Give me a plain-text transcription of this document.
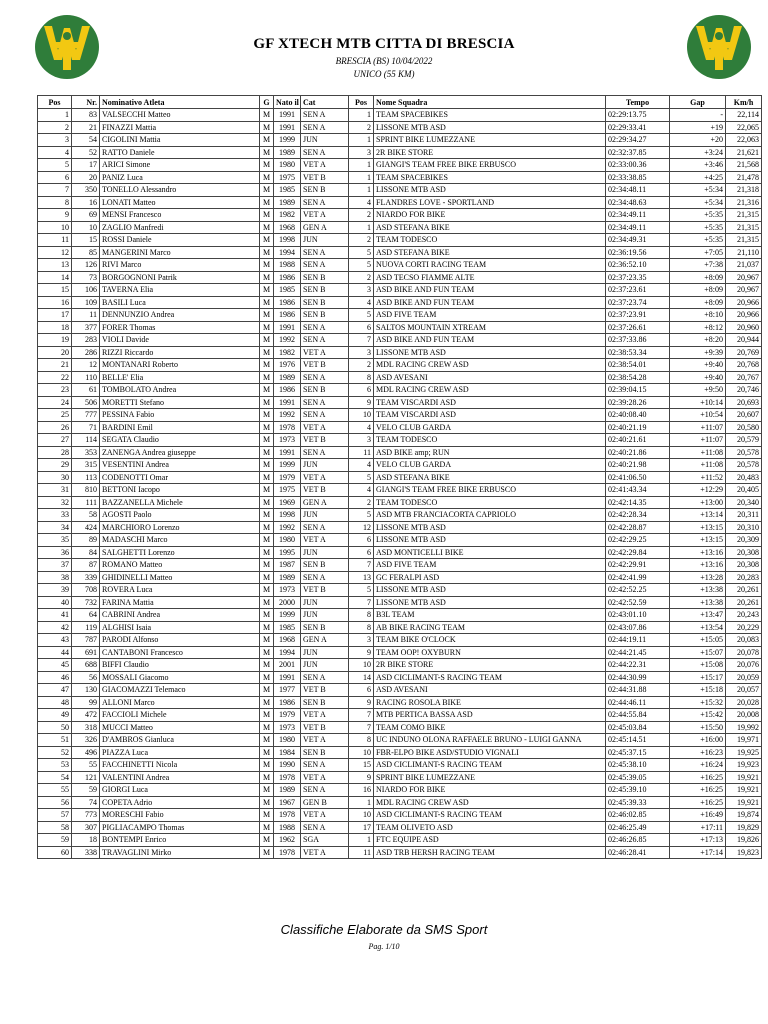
GF XTECH MTB CITTA DI BRESCIA
BRESCIA (BS) 10/04/2022
UNICO (55 KM)
Pos	Nr.	Nominativo Atleta	G	Nato il	Cat	Pos	Nome Squadra	Tempo	Gap	Km/h
1	83	VALSECCHI Matteo	M	1991	SEN A	1	TEAM SPACEBIKES	02:29:13.75	-	22,114
2	21	FINAZZI Mattia	M	1991	SEN A	2	LISSONE MTB ASD	02:29:33.41	+19	22,065
3	54	CIGOLINI Mattia	M	1999	JUN	1	SPRINT BIKE LUMEZZANE	02:29:34.27	+20	22,063
4	52	RATTO Daniele	M	1989	SEN A	3	2R BIKE STORE	02:32:37.85	+3:24	21,621
5	17	ARICI Simone	M	1980	VET A	1	GIANGI'S TEAM FREE BIKE ERBUSCO	02:33:00.36	+3:46	21,568
6	20	PANIZ Luca	M	1975	VET B	1	TEAM SPACEBIKES	02:33:38.85	+4:25	21,478
7	350	TONELLO Alessandro	M	1985	SEN B	1	LISSONE MTB ASD	02:34:48.11	+5:34	21,318
8	16	LONATI Matteo	M	1989	SEN A	4	FLANDRES LOVE - SPORTLAND	02:34:48.63	+5:34	21,316
9	69	MENSI Francesco	M	1982	VET A	2	NIARDO FOR BIKE	02:34:49.11	+5:35	21,315
10	10	ZAGLIO Manfredi	M	1968	GEN A	1	ASD STEFANA BIKE	02:34:49.11	+5:35	21,315
11	15	ROSSI Daniele	M	1998	JUN	2	TEAM TODESCO	02:34:49.31	+5:35	21,315
12	85	MANGERINI Marco	M	1994	SEN A	5	ASD STEFANA BIKE	02:36:19.56	+7:05	21,110
13	126	RIVI Marco	M	1988	SEN A	5	NUOVA CORTI RACING TEAM	02:36:52.10	+7:38	21,037
14	73	BORGOGNONI Patrik	M	1986	SEN B	2	ASD TECSO FIAMME ALTE	02:37:23.35	+8:09	20,967
15	106	TAVERNA Elia	M	1985	SEN B	3	ASD BIKE AND FUN TEAM	02:37:23.61	+8:09	20,967
16	109	BASILI Luca	M	1986	SEN B	4	ASD BIKE AND FUN TEAM	02:37:23.74	+8:09	20,966
17	11	DENNUNZIO Andrea	M	1986	SEN B	5	ASD FIVE TEAM	02:37:23.91	+8:10	20,966
18	377	FORER Thomas	M	1991	SEN A	6	SALTOS MOUNTAIN XTREAM	02:37:26.61	+8:12	20,960
19	283	VIOLI Davide	M	1992	SEN A	7	ASD BIKE AND FUN TEAM	02:37:33.86	+8:20	20,944
20	286	RIZZI Riccardo	M	1982	VET A	3	LISSONE MTB ASD	02:38:53.34	+9:39	20,769
21	12	MONTANARI Roberto	M	1976	VET B	2	MDL RACING CREW ASD	02:38:54.01	+9:40	20,768
22	110	BELLE' Elia	M	1989	SEN A	8	ASD AVESANI	02:38:54.28	+9:40	20,767
23	61	TOMBOLATO Andrea	M	1986	SEN B	6	MDL RACING CREW ASD	02:39:04.15	+9:50	20,746
24	506	MORETTI Stefano	M	1991	SEN A	9	TEAM VISCARDI ASD	02:39:28.26	+10:14	20,693
25	777	PESSINA Fabio	M	1992	SEN A	10	TEAM VISCARDI ASD	02:40:08.40	+10:54	20,607
26	71	BARDINI Emil	M	1978	VET A	4	VELO CLUB GARDA	02:40:21.19	+11:07	20,580
27	114	SEGATA Claudio	M	1973	VET B	3	TEAM TODESCO	02:40:21.61	+11:07	20,579
28	353	ZANENGA Andrea giuseppe	M	1991	SEN A	11	ASD BIKE amp; RUN	02:40:21.86	+11:08	20,578
29	315	VESENTINI Andrea	M	1999	JUN	4	VELO CLUB GARDA	02:40:21.98	+11:08	20,578
30	113	CODENOTTI Omar	M	1979	VET A	5	ASD STEFANA BIKE	02:41:06.50	+11:52	20,483
31	810	BETTONI Iacopo	M	1975	VET B	4	GIANGI'S TEAM FREE BIKE ERBUSCO	02:41:43.34	+12:29	20,405
32	111	BAZZANELLA Michele	M	1969	GEN A	2	TEAM TODESCO	02:42:14.35	+13:00	20,340
33	58	AGOSTI Paolo	M	1998	JUN	5	ASD MTB FRANCIACORTA CAPRIOLO	02:42:28.34	+13:14	20,311
34	424	MARCHIORO Lorenzo	M	1992	SEN A	12	LISSONE MTB ASD	02:42:28.87	+13:15	20,310
35	89	MADASCHI Marco	M	1980	VET A	6	LISSONE MTB ASD	02:42:29.25	+13:15	20,309
36	84	SALGHETTI Lorenzo	M	1995	JUN	6	ASD MONTICELLI BIKE	02:42:29.84	+13:16	20,308
37	87	ROMANO Matteo	M	1987	SEN B	7	ASD FIVE TEAM	02:42:29.91	+13:16	20,308
38	339	GHIDINELLI Matteo	M	1989	SEN A	13	GC FERALPI ASD	02:42:41.99	+13:28	20,283
39	708	ROVERA Luca	M	1973	VET B	5	LISSONE MTB ASD	02:42:52.25	+13:38	20,261
40	732	FARINA Mattia	M	2000	JUN	7	LISSONE MTB ASD	02:42:52.59	+13:38	20,261
41	64	CABRINI Andrea	M	1999	JUN	8	B3L TEAM	02:43:01.10	+13:47	20,243
42	119	ALGHISI Isaia	M	1985	SEN B	8	AB BIKE RACING TEAM	02:43:07.86	+13:54	20,229
43	787	PARODI Alfonso	M	1968	GEN A	3	TEAM BIKE O'CLOCK	02:44:19.11	+15:05	20,083
44	691	CANTABONI Francesco	M	1994	JUN	9	TEAM OOP! OXYBURN	02:44:21.45	+15:07	20,078
45	688	BIFFI Claudio	M	2001	JUN	10	2R BIKE STORE	02:44:22.31	+15:08	20,076
46	56	MOSSALI Giacomo	M	1991	SEN A	14	ASD CICLIMANT-S RACING TEAM	02:44:30.99	+15:17	20,059
47	130	GIACOMAZZI Telemaco	M	1977	VET B	6	ASD AVESANI	02:44:31.88	+15:18	20,057
48	99	ALLONI Marco	M	1986	SEN B	9	RACING ROSOLA BIKE	02:44:46.11	+15:32	20,028
49	472	FACCIOLI Michele	M	1979	VET A	7	MTB PERTICA BASSA ASD	02:44:55.84	+15:42	20,008
50	318	MUCCI Matteo	M	1973	VET B	7	TEAM COMO BIKE	02:45:03.84	+15:50	19,992
51	326	D'AMBROS Gianluca	M	1980	VET A	8	UC INDUNO OLONA RAFFAELE BRUNO - LUIGI GANNA	02:45:14.51	+16:00	19,971
52	496	PIAZZA Luca	M	1984	SEN B	10	FBR-ELPO BIKE ASD/STUDIO VIGNALI	02:45:37.15	+16:23	19,925
53	55	FACCHINETTI Nicola	M	1990	SEN A	15	ASD CICLIMANT-S RACING TEAM	02:45:38.10	+16:24	19,923
54	121	VALENTINI Andrea	M	1978	VET A	9	SPRINT BIKE LUMEZZANE	02:45:39.05	+16:25	19,921
55	59	GIORGI Luca	M	1989	SEN A	16	NIARDO FOR BIKE	02:45:39.10	+16:25	19,921
56	74	COPETA Adrio	M	1967	GEN B	1	MDL RACING CREW ASD	02:45:39.33	+16:25	19,921
57	773	MORESCHI Fabio	M	1978	VET A	10	ASD CICLIMANT-S RACING TEAM	02:46:02.85	+16:49	19,874
58	307	PIGLIACAMPO Thomas	M	1988	SEN A	17	TEAM OLIVETO ASD	02:46:25.49	+17:11	19,829
59	18	BONTEMPI Enrico	M	1962	SGA	1	FTC EQUIPE ASD	02:46:26.85	+17:13	19,826
60	338	TRAVAGLINI Mirko	M	1978	VET A	11	ASD TRB HERSH RACING TEAM	02:46:28.41	+17:14	19,823
Classifiche Elaborate da SMS Sport
Pag. 1/10
